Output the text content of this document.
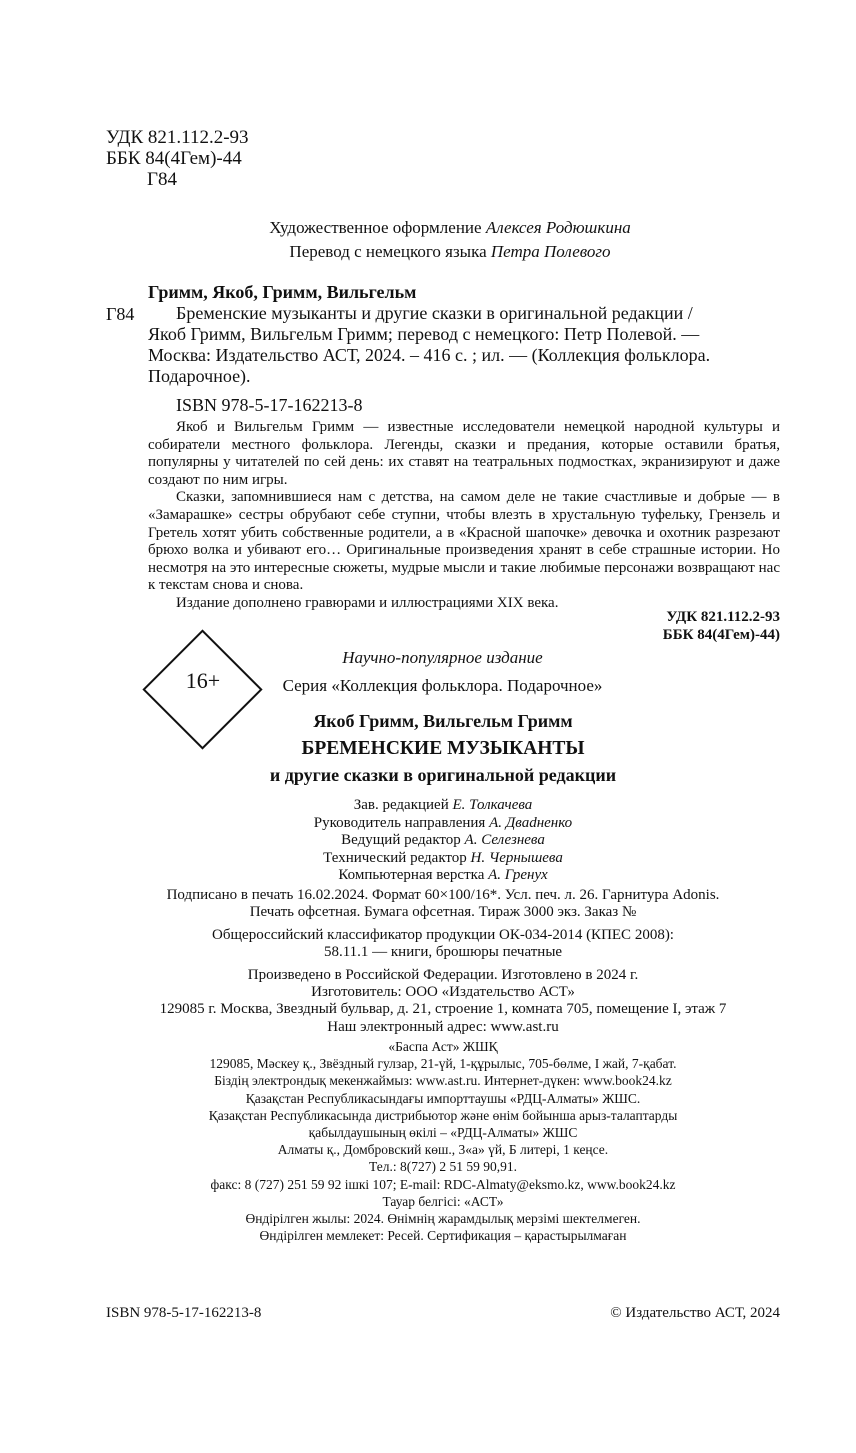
УДК 821.112.2-93
ББК 84(4Гем)-44
Г84
Художественное оформление Алексея Родюшкина
Перевод с немецкого языка Петра Полевого
Гримм, Якоб, Гримм, Вильгельм
Г84	Бременские музыканты и другие сказки в оригинальной редакции /
Якоб Гримм, Вильгельм Гримм; перевод с немецкого: Петр Полевой. —
Москва: Издательство АСТ, 2024. – 416 с. ; ил. — (Коллекция фольклора.
Подарочное).
ISBN 978-5-17-162213-8

Якоб и Вильгельм Гримм — известные исследователи немецкой народной культуры и собиратели местного фольклора. Легенды, сказки и предания, которые оставили братья, популярны у читателей по сей день: их ставят на театральных подмостках, экранизируют и даже создают по ним игры.

Сказки, запомнившиеся нам с детства, на самом деле не такие счастливые и добрые — в «Замарашке» сестры обрубают себе ступни, чтобы влезть в хрустальную туфельку, Грензель и Гретель хотят убить собственные родители, а в «Красной шапочке» девочка и охотник разрезают брюхо волка и убивают его… Оригинальные произведения хранят в себе страшные истории. Но несмотря на это интересные сюжеты, мудрые мысли и такие любимые персонажи возвращают нас к текстам снова и снова.

Издание дополнено гравюрами и иллюстрациями XIX века.

УДК 821.112.2-93
ББК 84(4Гем)-44)
16+
Научно-популярное издание
Серия «Коллекция фольклора. Подарочное»
Якоб Гримм, Вильгельм Гримм
БРЕМЕНСКИЕ МУЗЫКАНТЫ
и другие сказки в оригинальной редакции
Зав. редакцией Е. Толкачева
Руководитель направления А. Дваdненко
Ведущий редактор А. Селезнева
Технический редактор Н. Чернышева
Компьютерная верстка А. Гренух
Подписано в печать 16.02.2024. Формат 60×100/16*. Усл. печ. л. 26. Гарнитура Adonis.
Печать офсетная. Бумага офсетная. Тираж 3000 экз. Заказ №
Общероссийский классификатор продукции ОК-034-2014 (КПЕС 2008):
58.11.1 — книги, брошюры печатные
Произведено в Российской Федерации. Изготовлено в 2024 г.
Изготовитель: ООО «Издательство АСТ»
129085 г. Москва, Звездный бульвар, д. 21, строение 1, комната 705, помещение I, этаж 7
Наш электронный адрес: www.ast.ru
«Баспа Аст» ЖШҚ
129085, Мәскеу қ., Звёздный гулзар, 21-үй, 1-құрылыс, 705-бөлме, I жай, 7-қабат.
Біздің электрондық мекенжаймыз: www.ast.ru. Интернет-дүкен: www.book24.kz
Қазақстан Республикасындағы импорттаушы «РДЦ-Алматы» ЖШС.
Қазақстан Республикасында дистрибьютор және өнім бойынша арыз-талаптарды
қабылдаушының өкілі – «РДЦ-Алматы» ЖШС
Алматы қ., Домбровский көш., 3«а» үй, Б литері, 1 кеңсе.
Тел.: 8(727) 2 51 59 90,91.
факс: 8 (727) 251 59 92 ішкі 107; E-mail: RDC-Almaty@eksmo.kz, www.book24.kz
Тауар белгісі: «АСТ»
Өндірілген жылы: 2024. Өнімнің жарамдылық мерзімі шектелмеген.
Өндірілген мемлекет: Ресей. Сертификация – қарастырылмаған
ISBN 978-5-17-162213-8	© Издательство АСТ, 2024
